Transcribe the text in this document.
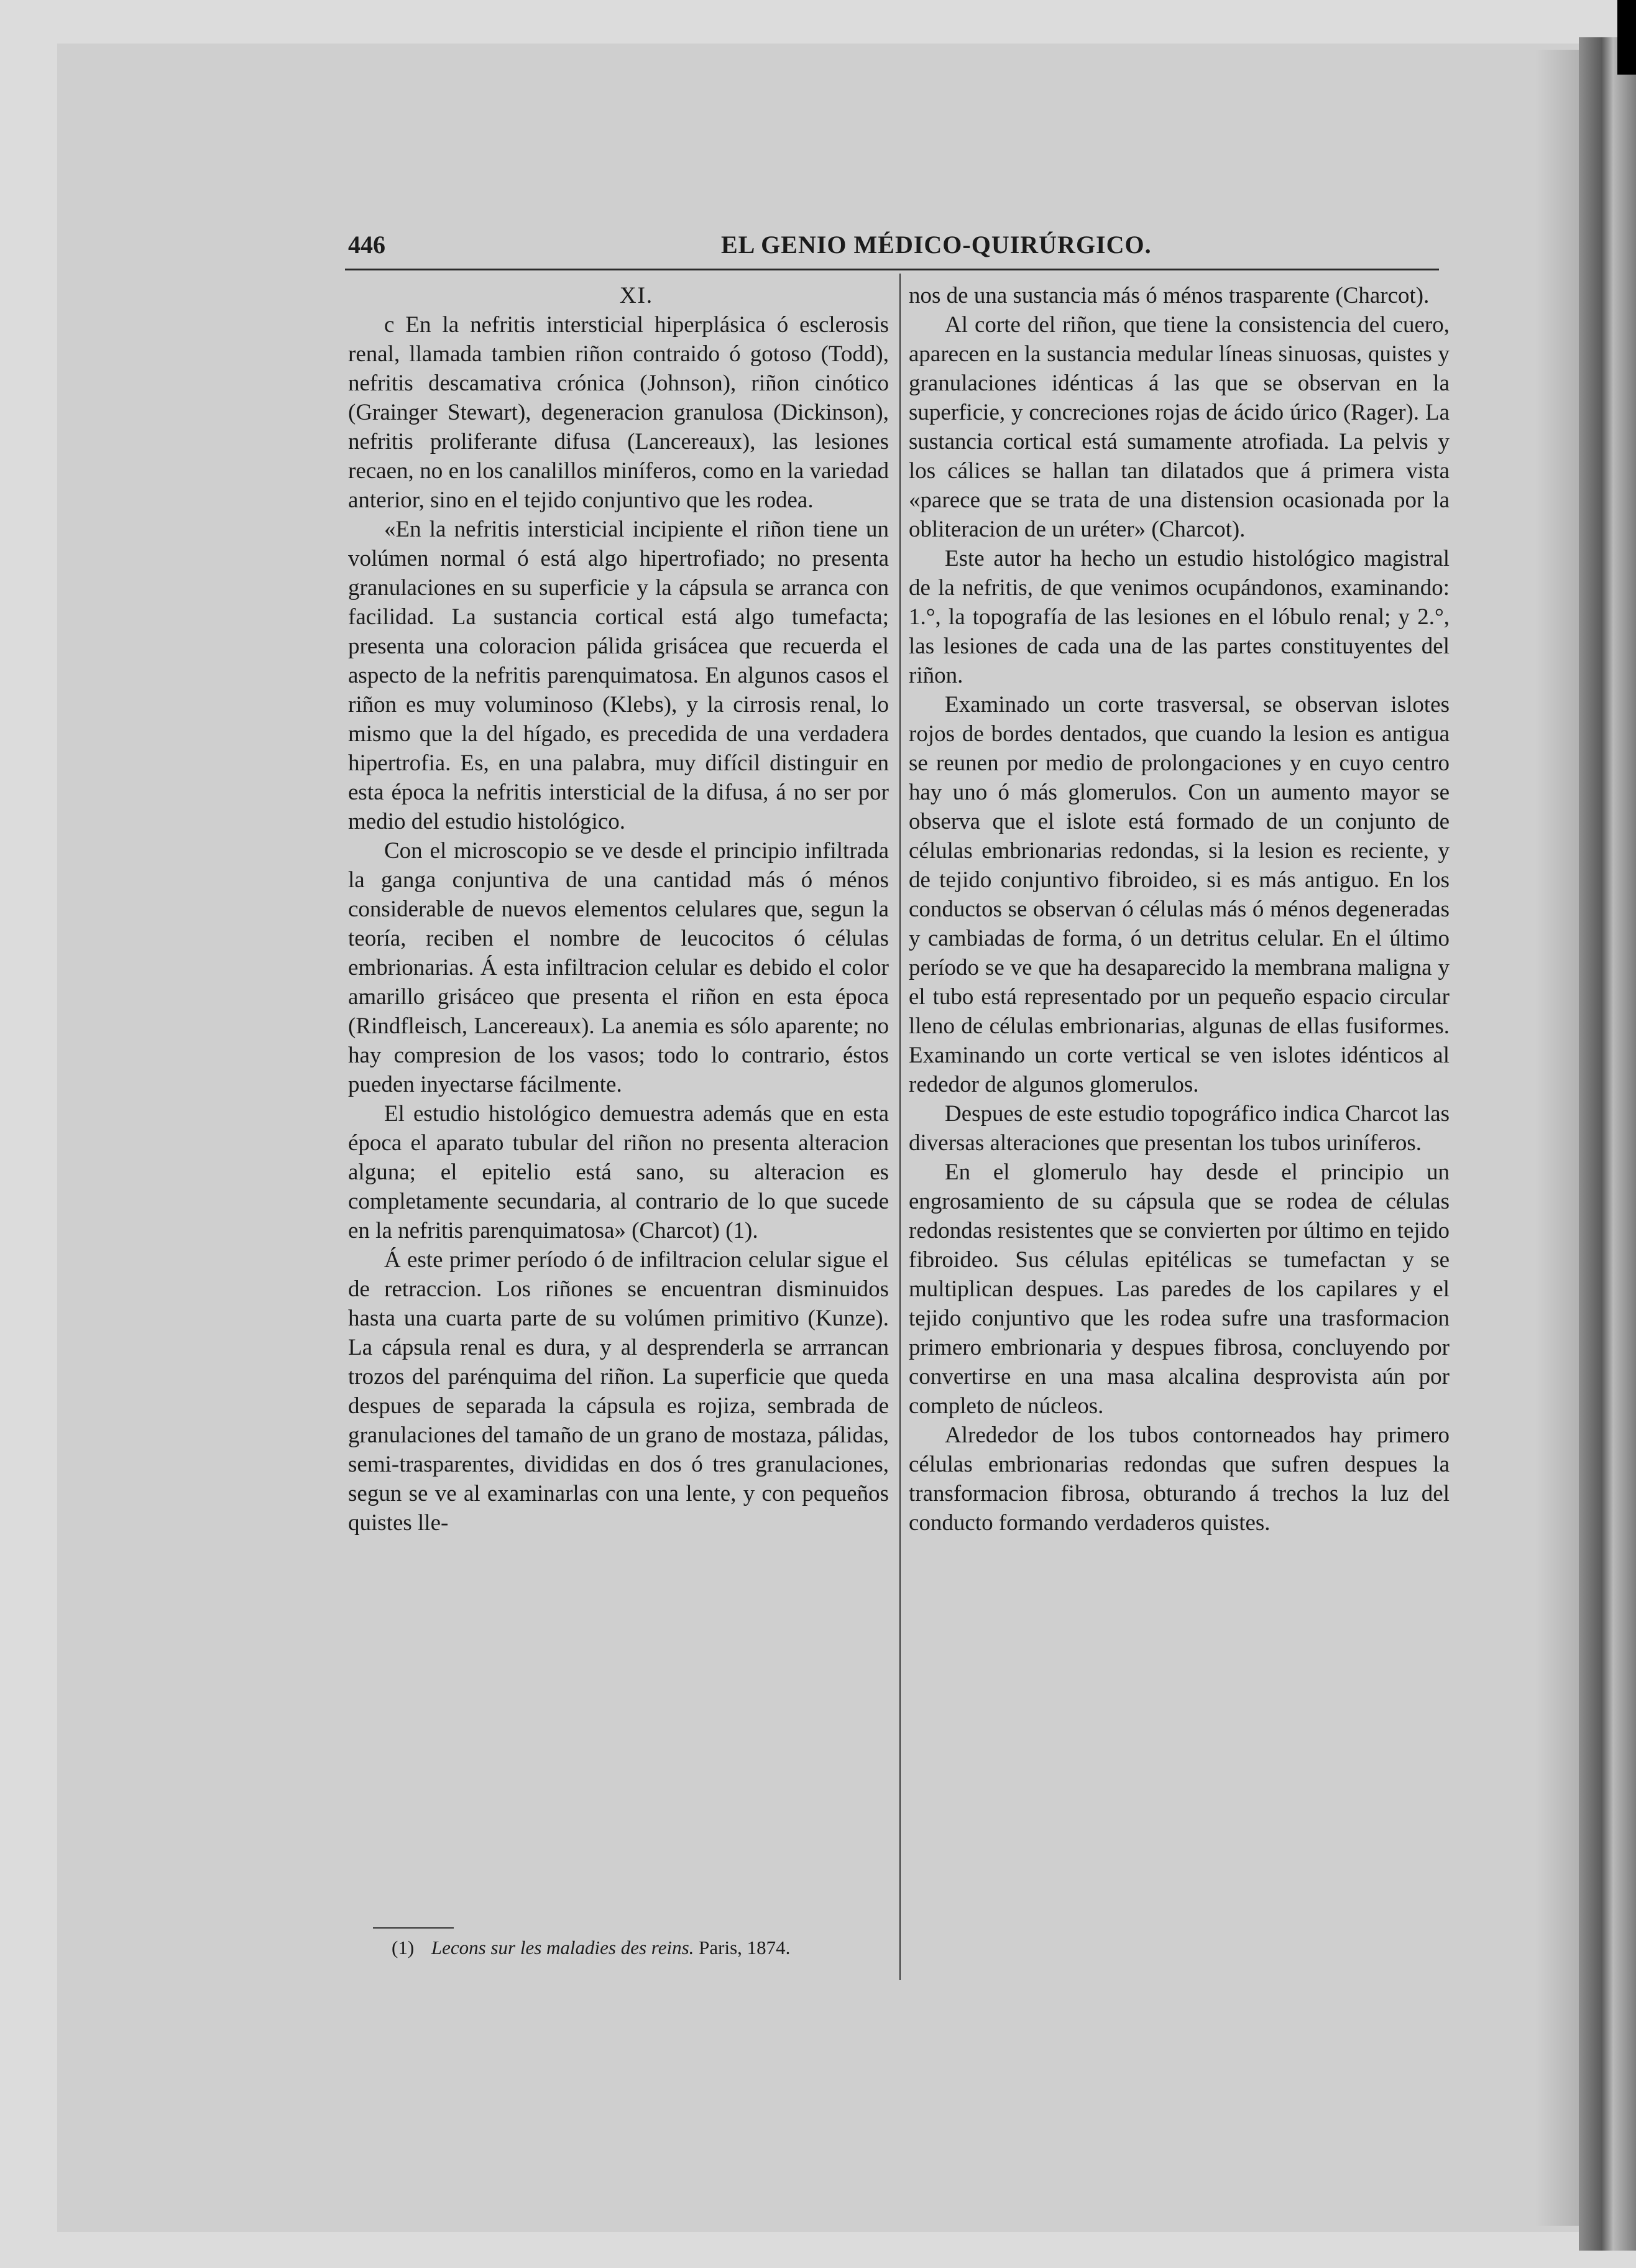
446	EL GENIO MÉDICO-QUIRÚRGICO.

XI.

c En la nefritis intersticial hiperplásica ó esclerosis renal, llamada tambien riñon contraido ó gotoso (Todd), nefritis descamativa crónica (Johnson), riñon cinótico (Grainger Stewart), degeneracion granulosa (Dickinson), nefritis proliferante difusa (Lancereaux), las lesiones recaen, no en los canalillos miníferos, como en la variedad anterior, sino en el tejido conjuntivo que les rodea.

«En la nefritis intersticial incipiente el riñon tiene un volúmen normal ó está algo hipertrofiado; no presenta granulaciones en su superficie y la cápsula se arranca con facilidad. La sustancia cortical está algo tumefacta; presenta una coloracion pálida grisácea que recuerda el aspecto de la nefritis parenquimatosa. En algunos casos el riñon es muy voluminoso (Klebs), y la cirrosis renal, lo mismo que la del hígado, es precedida de una verdadera hipertrofia. Es, en una palabra, muy difícil distinguir en esta época la nefritis intersticial de la difusa, á no ser por medio del estudio histológico.

Con el microscopio se ve desde el principio infiltrada la ganga conjuntiva de una cantidad más ó ménos considerable de nuevos elementos celulares que, segun la teoría, reciben el nombre de leucocitos ó células embrionarias. Á esta infiltracion celular es debido el color amarillo grisáceo que presenta el riñon en esta época (Rindfleisch, Lancereaux). La anemia es sólo aparente; no hay compresion de los vasos; todo lo contrario, éstos pueden inyectarse fácilmente.

El estudio histológico demuestra además que en esta época el aparato tubular del riñon no presenta alteracion alguna; el epitelio está sano, su alteracion es completamente secundaria, al contrario de lo que sucede en la nefritis parenquimatosa» (Charcot) (1).

Á este primer período ó de infiltracion celular sigue el de retraccion. Los riñones se encuentran disminuidos hasta una cuarta parte de su volúmen primitivo (Kunze). La cápsula renal es dura, y al desprenderla se arrrancan trozos del parénquima del riñon. La superficie que queda despues de separada la cápsula es rojiza, sembrada de granulaciones del tamaño de un grano de mostaza, pálidas, semi-trasparentes, divididas en dos ó tres granulaciones, segun se ve al examinarlas con una lente, y con pequeños quistes lle-

(1) Lecons sur les maladies des reins. Paris, 1874.

nos de una sustancia más ó ménos trasparente (Charcot).

Al corte del riñon, que tiene la consistencia del cuero, aparecen en la sustancia medular líneas sinuosas, quistes y granulaciones idénticas á las que se observan en la superficie, y concreciones rojas de ácido úrico (Rager). La sustancia cortical está sumamente atrofiada. La pelvis y los cálices se hallan tan dilatados que á primera vista «parece que se trata de una distension ocasionada por la obliteracion de un uréter» (Charcot).

Este autor ha hecho un estudio histológico magistral de la nefritis, de que venimos ocupándonos, examinando: 1.°, la topografía de las lesiones en el lóbulo renal; y 2.°, las lesiones de cada una de las partes constituyentes del riñon.

Examinado un corte trasversal, se observan islotes rojos de bordes dentados, que cuando la lesion es antigua se reunen por medio de prolongaciones y en cuyo centro hay uno ó más glomerulos. Con un aumento mayor se observa que el islote está formado de un conjunto de células embrionarias redondas, si la lesion es reciente, y de tejido conjuntivo fibroideo, si es más antiguo. En los conductos se observan ó células más ó ménos degeneradas y cambiadas de forma, ó un detritus celular. En el último período se ve que ha desaparecido la membrana maligna y el tubo está representado por un pequeño espacio circular lleno de células embrionarias, algunas de ellas fusiformes. Examinando un corte vertical se ven islotes idénticos al rededor de algunos glomerulos.

Despues de este estudio topográfico indica Charcot las diversas alteraciones que presentan los tubos uriníferos.

En el glomerulo hay desde el principio un engrosamiento de su cápsula que se rodea de células redondas resistentes que se convierten por último en tejido fibroideo. Sus células epitélicas se tumefactan y se multiplican despues. Las paredes de los capilares y el tejido conjuntivo que les rodea sufre una trasformacion primero embrionaria y despues fibrosa, concluyendo por convertirse en una masa alcalina desprovista aún por completo de núcleos.

Alrededor de los tubos contorneados hay primero células embrionarias redondas que sufren despues la transformacion fibrosa, obturando á trechos la luz del conducto formando verdaderos quistes.
